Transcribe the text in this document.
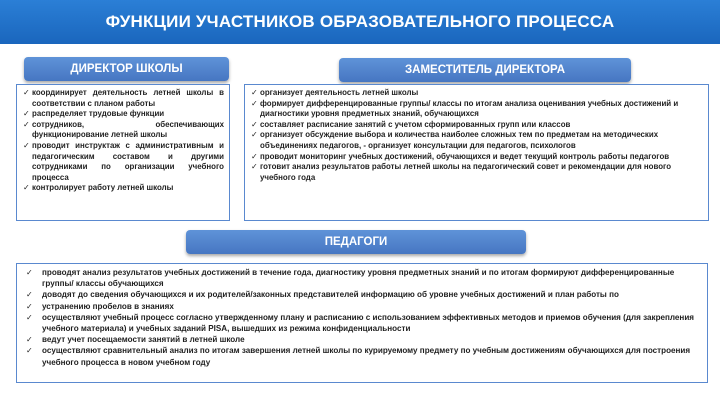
ФУНКЦИИ УЧАСТНИКОВ ОБРАЗОВАТЕЛЬНОГО ПРОЦЕССА
ДИРЕКТОР ШКОЛЫ	ЗАМЕСТИТЕЛЬ ДИРЕКТОРА
✓ координирует деятельность летней школы в соответствии с планом работы
✓ распределяет трудовые функции
✓ сотрудников, обеспечивающих функционирование летней школы
✓ проводит инструктаж с административным и педагогическим составом и другими сотрудниками по организации учебного процесса
✓ контролирует работу летней школы
✓ организует деятельность летней школы
✓ формирует дифференцированные группы/ классы по итогам анализа оценивания учебных достижений и диагностики уровня предметных знаний, обучающихся
✓ составляет расписание занятий с учетом сформированных групп или классов
✓ организует обсуждение выбора и количества наиболее сложных тем по предметам на методических объединениях педагогов, - организует консультации для педагогов, психологов
✓ проводит мониторинг учебных достижений, обучающихся и ведет текущий контроль работы педагогов
✓ готовит анализ результатов работы летней школы на педагогический совет и рекомендации для нового учебного года
ПЕДАГОГИ
✓ проводят анализ результатов учебных достижений в течение года, диагностику уровня предметных знаний и по итогам формируют дифференцированные группы/ классы обучающихся
✓ доводят до сведения обучающихся и их родителей/законных представителей информацию об уровне учебных достижений и план работы по
✓ устранению пробелов в знаниях
✓ осуществляют учебный процесс согласно утвержденному плану и расписанию с использованием эффективных методов и приемов обучения (для закрепления учебного материала) и учебных заданий PISA, вышедших из режима конфиденциальности
✓ ведут учет посещаемости занятий в летней школе
✓ осуществляют сравнительный анализ по итогам завершения летней школы по курируемому предмету по учебным достижениям обучающихся для построения учебного процесса в новом учебном году
